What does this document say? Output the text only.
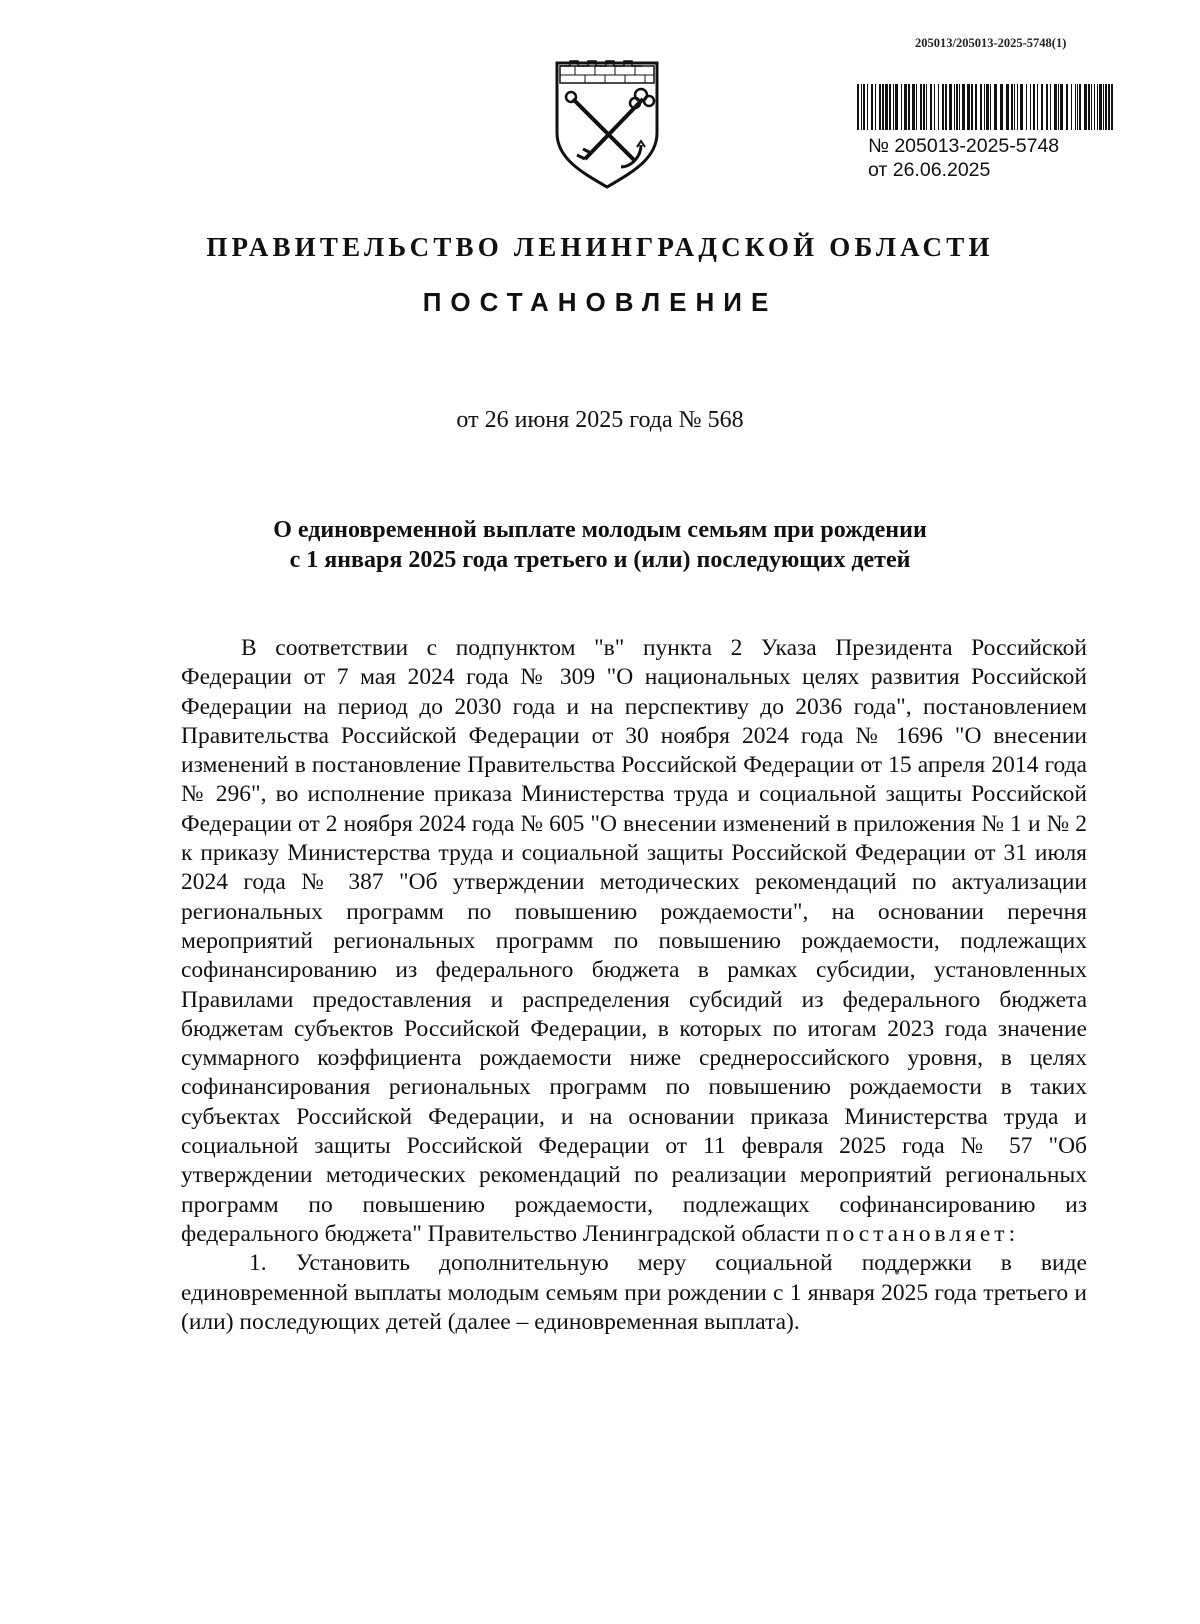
205013/205013-2025-5748(1)
№ 205013-2025-5748
от 26.06.2025
ПРАВИТЕЛЬСТВО ЛЕНИНГРАДСКОЙ ОБЛАСТИ
ПОСТАНОВЛЕНИЕ
от 26 июня 2025 года № 568
О единовременной выплате молодым семьям при рождении
с 1 января 2025 года третьего и (или) последующих детей

В соответствии с подпунктом "в" пункта 2 Указа Президента Российской Федерации от 7 мая 2024 года № 309 "О национальных целях развития Российской Федерации на период до 2030 года и на перспективу до 2036 года", постановлением Правительства Российской Федерации от 30 ноября 2024 года № 1696 "О внесении изменений в постановление Правительства Российской Федерации от 15 апреля 2014 года № 296", во исполнение приказа Министерства труда и социальной защиты Российской Федерации от 2 ноября 2024 года № 605 "О внесении изменений в приложения № 1 и № 2 к приказу Министерства труда и социальной защиты Российской Федерации от 31 июля 2024 года № 387 "Об утверждении методических рекомендаций по актуализации региональных программ по повышению рождаемости", на основании перечня мероприятий региональных программ по повышению рождаемости, подлежащих софинансированию из федерального бюджета в рамках субсидии, установленных Правилами предоставления и распределения субсидий из федерального бюджета бюджетам субъектов Российской Федерации, в которых по итогам 2023 года значение суммарного коэффициента рождаемости ниже среднероссийского уровня, в целях софинансирования региональных программ по повышению рождаемости в таких субъектах Российской Федерации, и на основании приказа Министерства труда и социальной защиты Российской Федерации от 11 февраля 2025 года № 57 "Об утверждении методических рекомендаций по реализации мероприятий региональных программ по повышению рождаемости, подлежащих софинансированию из федерального бюджета" Правительство Ленинградской области постановляет:

1. Установить дополнительную меру социальной поддержки в виде единовременной выплаты молодым семьям при рождении с 1 января 2025 года третьего и (или) последующих детей (далее – единовременная выплата).
